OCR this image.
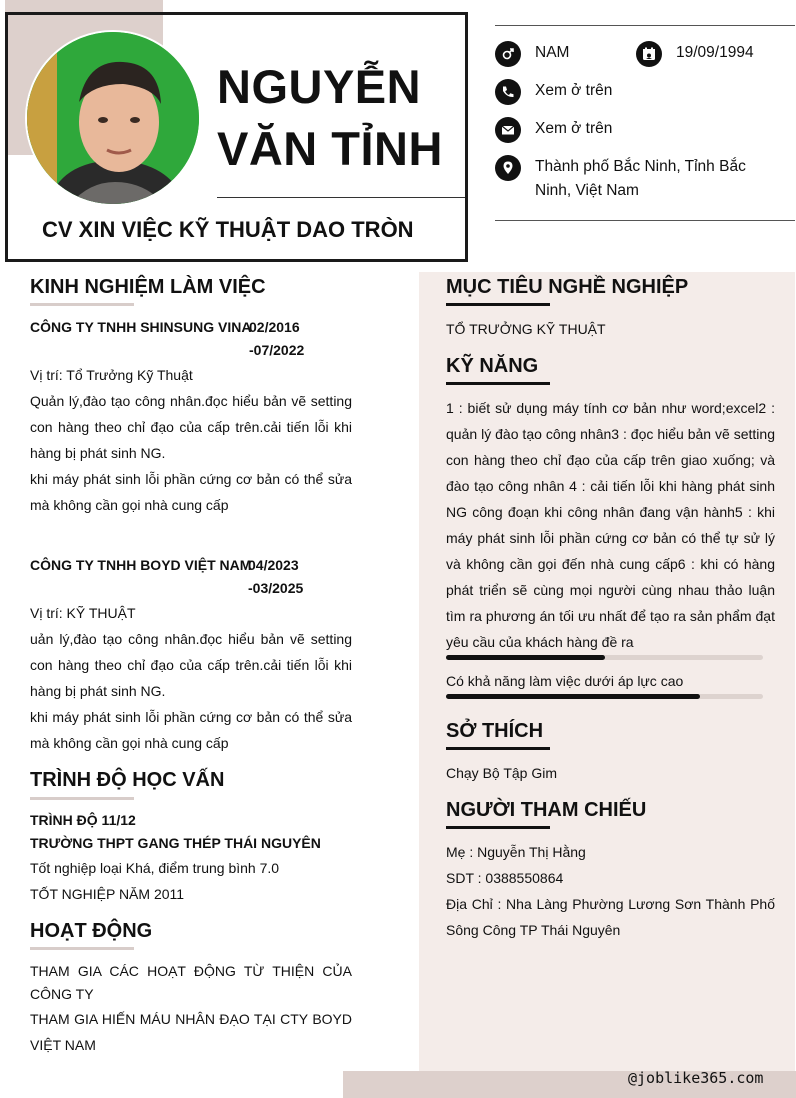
NGUYỄN
VĂN TỈNH
CV XIN VIỆC KỸ THUẬT DAO TRÒN
NAM	19/09/1994
Xem ở trên
Xem ở trên
Thành phố Bắc Ninh, Tỉnh Bắc Ninh, Việt Nam
KINH NGHIỆM LÀM VIỆC
CÔNG TY TNHH SHINSUNG VINA
02/2016
-07/2022
Vị trí: Tổ Trưởng Kỹ Thuật
Quản lý,đào tạo công nhân.đọc hiểu bản vẽ setting con hàng theo chỉ đạo của cấp trên.cải tiến lỗi khi hàng bị phát sinh NG.
khi máy phát sinh lỗi phần cứng cơ bản có thể sửa mà không cần gọi nhà cung cấp
CÔNG TY TNHH BOYD VIỆT NAM
04/2023
-03/2025
Vị trí: KỸ THUẬT
uản lý,đào tạo công nhân.đọc hiểu bản vẽ setting con hàng theo chỉ đạo của cấp trên.cải tiến lỗi khi hàng bị phát sinh NG.
khi máy phát sinh lỗi phần cứng cơ bản có thể sửa mà không cần gọi nhà cung cấp
TRÌNH ĐỘ HỌC VẤN
TRÌNH ĐỘ 11/12
TRƯỜNG THPT GANG THÉP THÁI NGUYÊN
Tốt nghiệp loại Khá, điểm trung bình 7.0
TỐT NGHIỆP NĂM 2011
HOẠT ĐỘNG
THAM GIA CÁC HOẠT ĐỘNG TỪ THIỆN CỦA CÔNG TY
THAM GIA HIẾN MÁU NHÂN ĐẠO TẠI CTY BOYD VIỆT NAM
MỤC TIÊU NGHỀ NGHIỆP
TỔ TRƯỞNG KỸ THUẬT
KỸ NĂNG
1 : biết sử dụng máy tính cơ bản như word;excel2 : quản lý đào tạo công nhân3 : đọc hiểu bản vẽ setting con hàng theo chỉ đạo của cấp trên giao xuống; và đào tạo công nhân 4 : cải tiến lỗi khi hàng phát sinh NG công đoạn khi công nhân đang vận hành5 : khi máy phát sinh lỗi phần cứng cơ bản có thể tự sử lý và không cần gọi đến nhà cung cấp6 : khi có hàng phát triển sẽ cùng mọi người cùng nhau thảo luận tìm ra phương án tối ưu nhất để tạo ra sản phẩm đạt yêu cầu của khách hàng đề ra
Có khả năng làm việc dưới áp lực cao
SỞ THÍCH
Chạy Bộ Tập Gim
NGƯỜI THAM CHIẾU
Mẹ : Nguyễn Thị Hằng
SDT : 0388550864
Địa Chỉ : Nha Làng Phường Lương Sơn Thành Phố Sông Công TP Thái Nguyên
@joblike365.com
